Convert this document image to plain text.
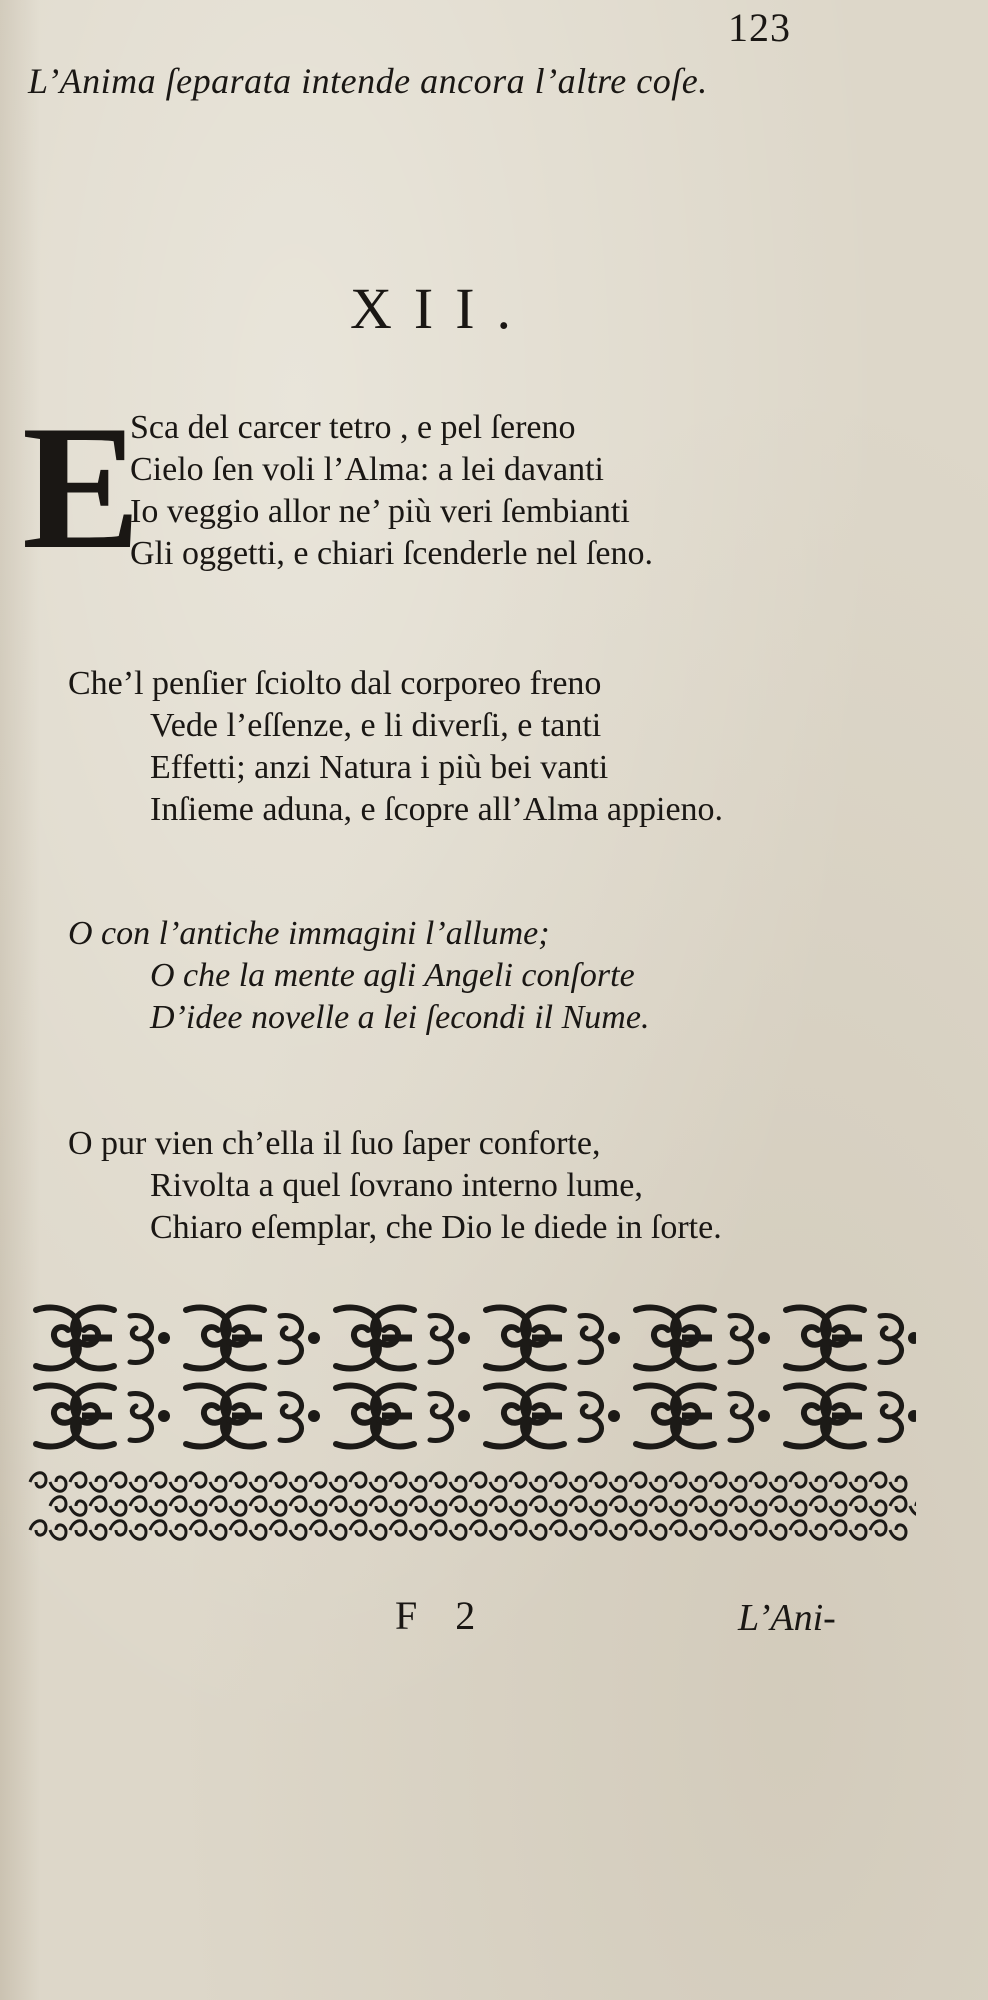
123
L’Anima ſeparata intende ancora l’altre coſe.
XII.
E
Sca del carcer tetro , e pel ſereno
Cielo ſen voli l’Alma: a lei davanti
Io veggio allor ne’ più veri ſembianti
Gli oggetti, e chiari ſcenderle nel ſeno.
Che’l penſier ſciolto dal corporeo freno
Vede l’eſſenze, e li diverſi, e tanti
Effetti; anzi Natura i più bei vanti
Inſieme aduna, e ſcopre all’Alma appieno.
O con l’antiche immagini l’allume;
O che la mente agli Angeli conſorte
D’idee novelle a lei ſecondi il Nume.
O pur vien ch’ella il ſuo ſaper conforte,
Rivolta a quel ſovrano interno lume,
Chiaro eſemplar, che Dio le diede in ſorte.
F 2	L’Ani-
